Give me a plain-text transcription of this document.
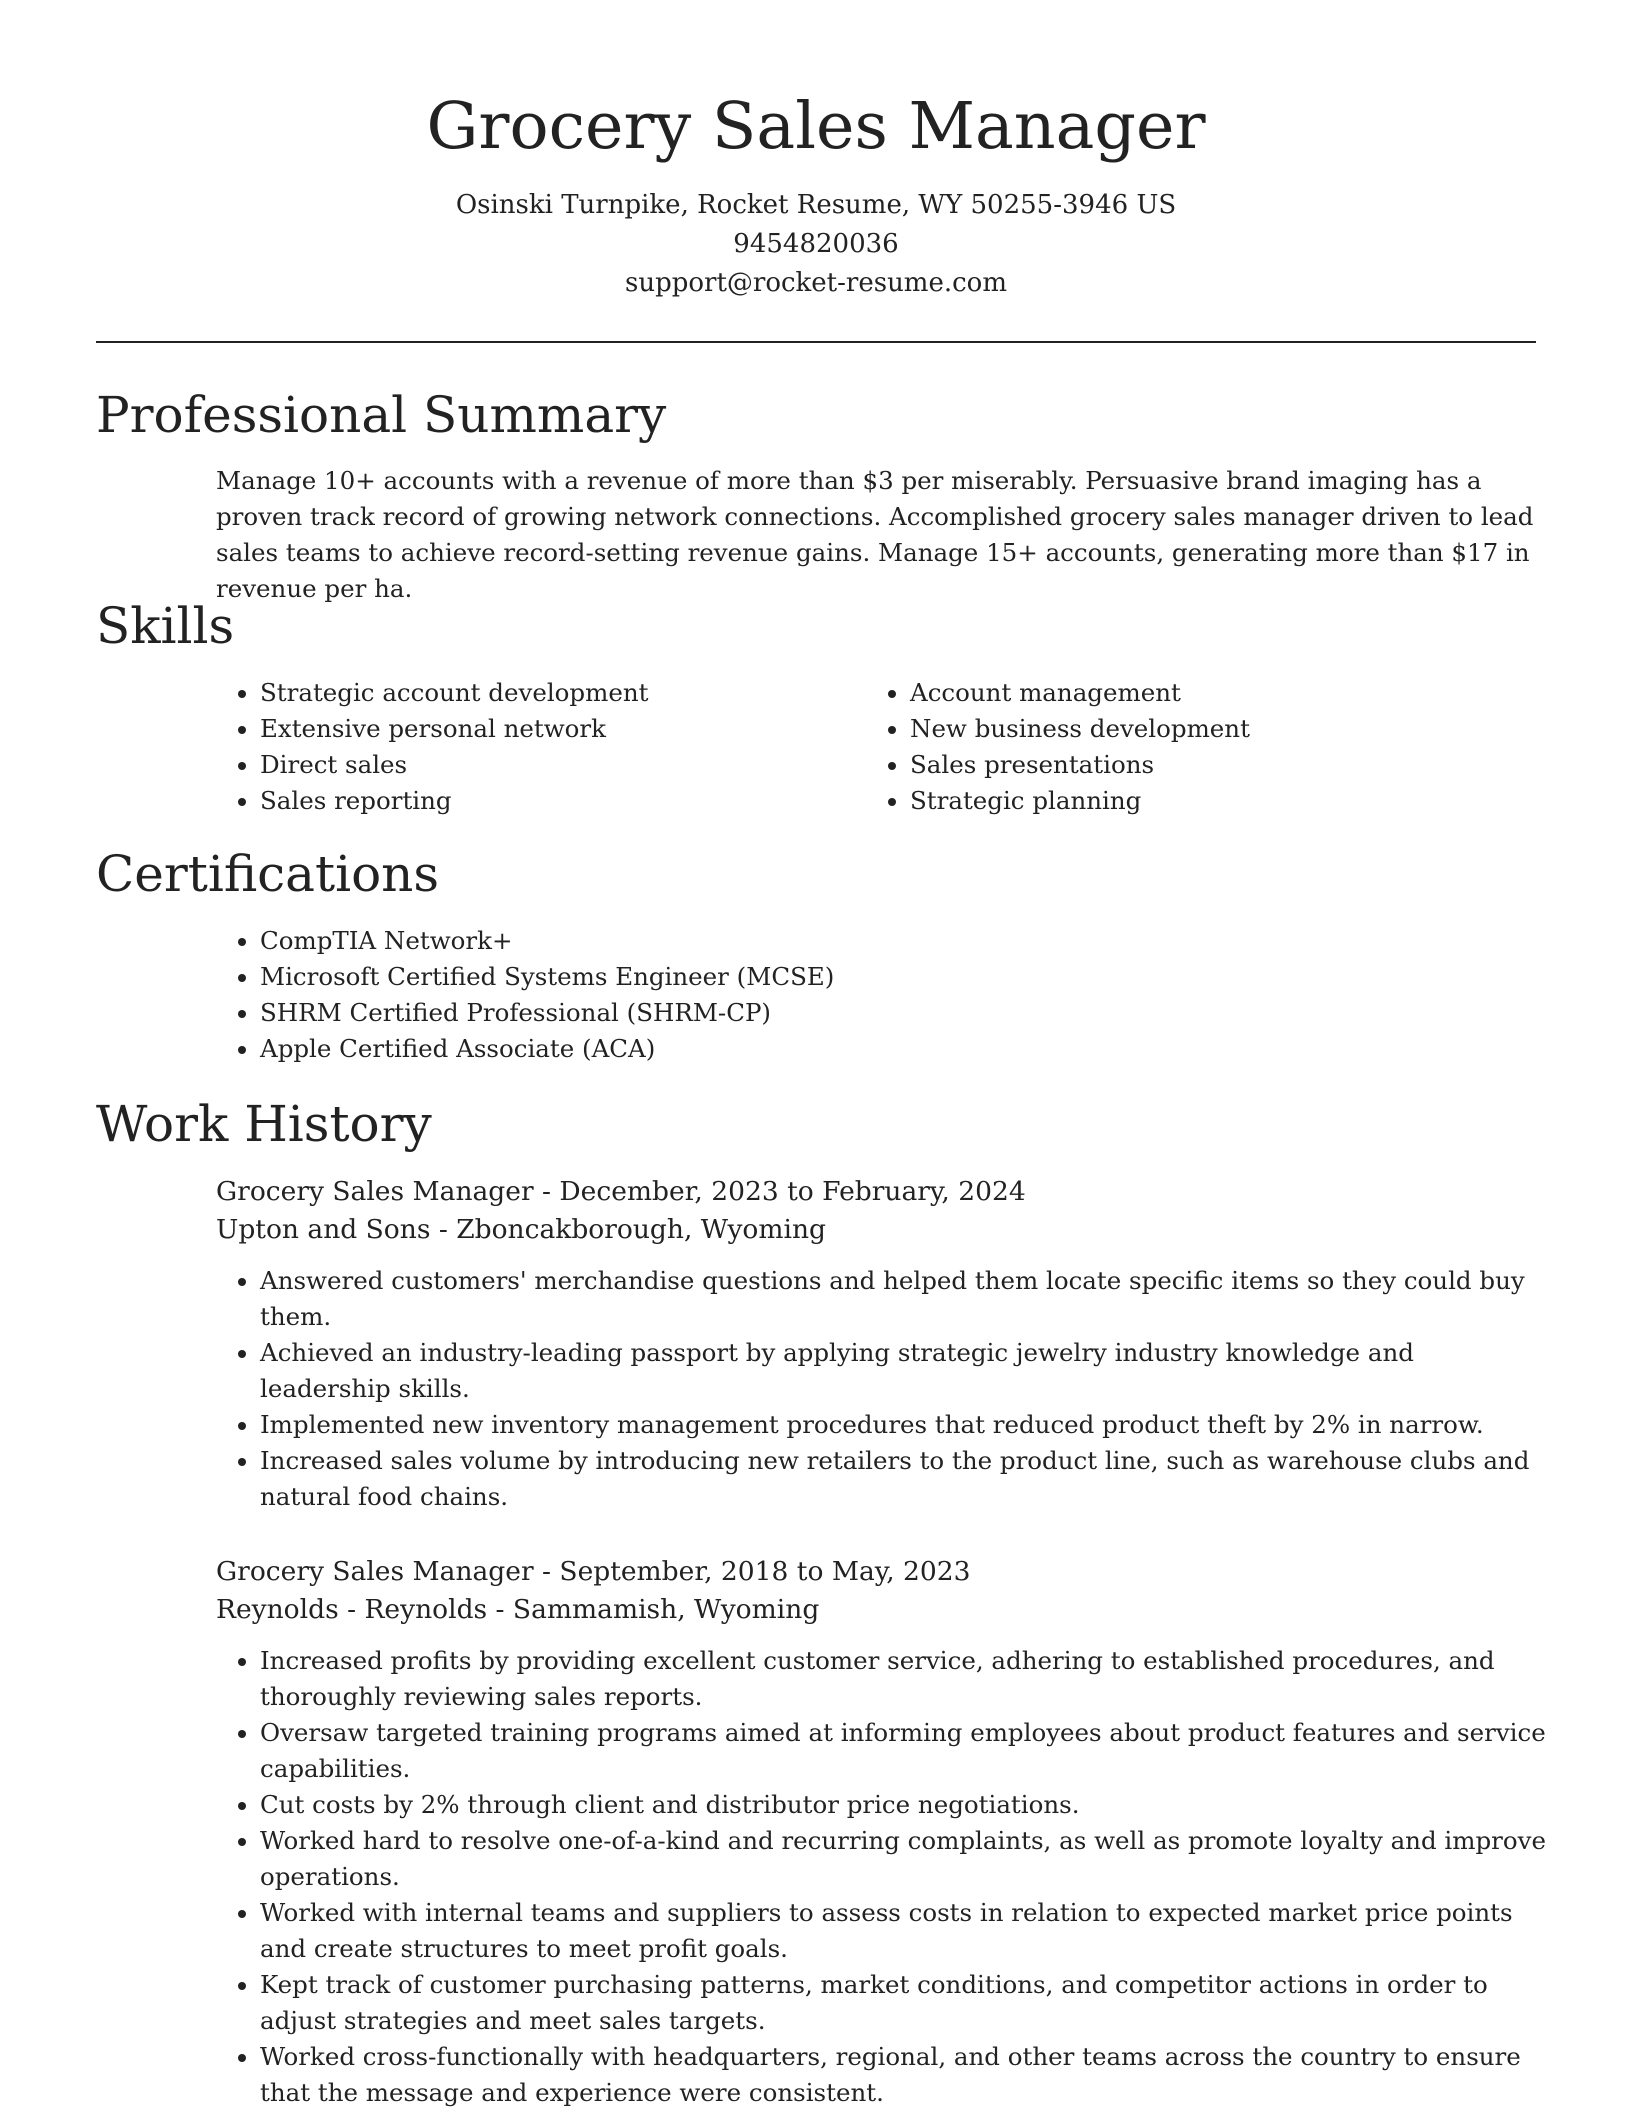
Grocery Sales Manager

Osinski Turnpike, Rocket Resume, WY 50255-3946 US

9454820036

support@rocket-resume.com

Professional Summary

Manage 10+ accounts with a revenue of more than $3 per miserably. Persuasive brand imaging has a proven track record of growing network connections. Accomplished grocery sales manager driven to lead sales teams to achieve record-setting revenue gains. Manage 15+ accounts, generating more than $17 in revenue per ha.

Skills
• Strategic account development
• Extensive personal network
• Direct sales
• Sales reporting
• Account management
• New business development
• Sales presentations
• Strategic planning
Certifications
• CompTIA Network+
• Microsoft Certified Systems Engineer (MCSE)
• SHRM Certified Professional (SHRM-CP)
• Apple Certified Associate (ACA)
Work History

Grocery Sales Manager - December, 2023 to February, 2024

Upton and Sons - Zboncakborough, Wyoming

• Answered customers' merchandise questions and helped them locate specific items so they could buy them.
• Achieved an industry-leading passport by applying strategic jewelry industry knowledge and leadership skills.
• Implemented new inventory management procedures that reduced product theft by 2% in narrow.
• Increased sales volume by introducing new retailers to the product line, such as warehouse clubs and natural food chains.

Grocery Sales Manager - September, 2018 to May, 2023

Reynolds - Reynolds - Sammamish, Wyoming

• Increased profits by providing excellent customer service, adhering to established procedures, and thoroughly reviewing sales reports.
• Oversaw targeted training programs aimed at informing employees about product features and service capabilities.
• Cut costs by 2% through client and distributor price negotiations.
• Worked hard to resolve one-of-a-kind and recurring complaints, as well as promote loyalty and improve operations.
• Worked with internal teams and suppliers to assess costs in relation to expected market price points and create structures to meet profit goals.
• Kept track of customer purchasing patterns, market conditions, and competitor actions in order to adjust strategies and meet sales targets.
• Worked cross-functionally with headquarters, regional, and other teams across the country to ensure that the message and experience were consistent.
